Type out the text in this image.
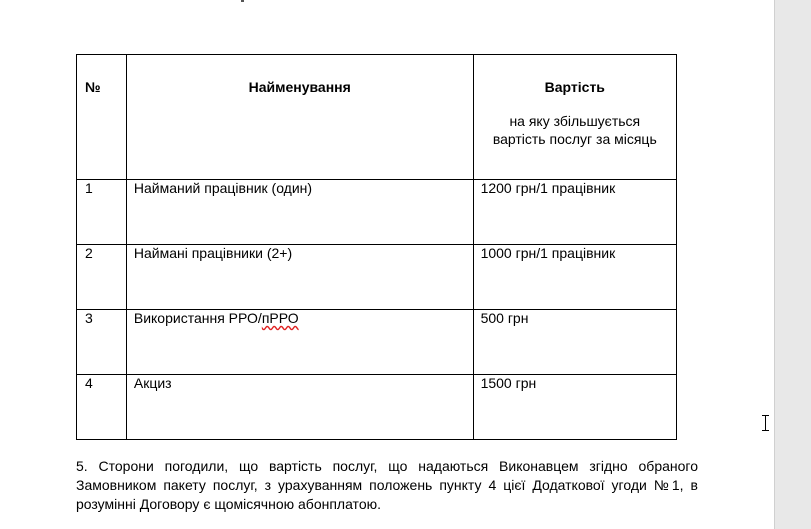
№	Найменування	Вартість
на яку збільшується
вартість послуг за місяць

1	Найманий працівник (один)	1200 грн/1 працівник
2	Наймані працівники (2+)	1000 грн/1 працівник
3	Використання РРО/пРРО	500 грн
4	Акциз	1500 грн
5. Сторони погодили, що вартість послуг, що надаються Виконавцем згідно обраного Замовником пакету послуг, з урахуванням положень пункту 4 цієї Додаткової угоди №1, в розумінні Договору є щомісячною абонплатою.
